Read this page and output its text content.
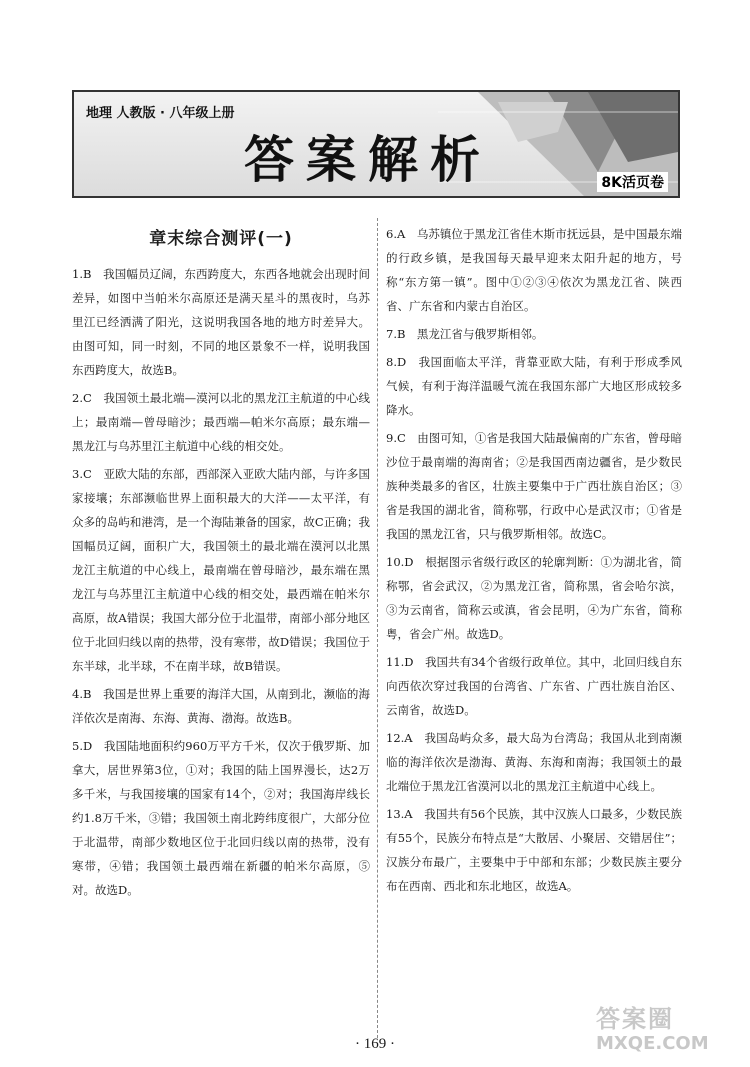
地理 人教版 · 八年级上册
答案解析	8K活页卷
章末综合测评(一)
1.B　我国幅员辽阔，东西跨度大，东西各地就会出现时间差异，如图中当帕米尔高原还是满天星斗的黑夜时，乌苏里江已经洒满了阳光，这说明我国各地的地方时差异大。由图可知，同一时刻，不同的地区景象不一样，说明我国东西跨度大，故选B。
2.C　我国领土最北端—漠河以北的黑龙江主航道的中心线上；最南端—曾母暗沙；最西端—帕米尔高原；最东端—黑龙江与乌苏里江主航道中心线的相交处。
3.C　亚欧大陆的东部，西部深入亚欧大陆内部，与许多国家接壤；东部濒临世界上面积最大的大洋——太平洋，有众多的岛屿和港湾，是一个海陆兼备的国家，故C正确；我国幅员辽阔，面积广大，我国领土的最北端在漠河以北黑龙江主航道的中心线上，最南端在曾母暗沙，最东端在黑龙江与乌苏里江主航道中心线的相交处，最西端在帕米尔高原，故A错误；我国大部分位于北温带，南部小部分地区位于北回归线以南的热带，没有寒带，故D错误；我国位于东半球，北半球，不在南半球，故B错误。
4.B　我国是世界上重要的海洋大国，从南到北，濒临的海洋依次是南海、东海、黄海、渤海。故选B。
5.D　我国陆地面积约960万平方千米，仅次于俄罗斯、加拿大，居世界第3位，①对；我国的陆上国界漫长，达2万多千米，与我国接壤的国家有14个，②对；我国海岸线长约1.8万千米，③错；我国领土南北跨纬度很广，大部分位于北温带，南部少数地区位于北回归线以南的热带，没有寒带，④错；我国领土最西端在新疆的帕米尔高原，⑤对。故选D。
6.A　乌苏镇位于黑龙江省佳木斯市抚远县，是中国最东端的行政乡镇，是我国每天最早迎来太阳升起的地方，号称“东方第一镇”。图中①②③④依次为黑龙江省、陕西省、广东省和内蒙古自治区。
7.B　黑龙江省与俄罗斯相邻。
8.D　我国面临太平洋，背靠亚欧大陆，有利于形成季风气候，有利于海洋温暖气流在我国东部广大地区形成较多降水。
9.C　由图可知，①省是我国大陆最偏南的广东省，曾母暗沙位于最南端的海南省；②是我国西南边疆省，是少数民族种类最多的省区，壮族主要集中于广西壮族自治区；③省是我国的湖北省，简称鄂，行政中心是武汉市；①省是我国的黑龙江省，只与俄罗斯相邻。故选C。
10.D　根据图示省级行政区的轮廓判断：①为湖北省，简称鄂，省会武汉，②为黑龙江省，简称黑，省会哈尔滨，③为云南省，简称云或滇，省会昆明，④为广东省，简称粤，省会广州。故选D。
11.D　我国共有34个省级行政单位。其中，北回归线自东向西依次穿过我国的台湾省、广东省、广西壮族自治区、云南省，故选D。
12.A　我国岛屿众多，最大岛为台湾岛；我国从北到南濒临的海洋依次是渤海、黄海、东海和南海；我国领土的最北端位于黑龙江省漠河以北的黑龙江主航道中心线上。
13.A　我国共有56个民族，其中汉族人口最多，少数民族有55个，民族分布特点是“大散居、小聚居、交错居住”；汉族分布最广，主要集中于中部和东部；少数民族主要分布在西南、西北和东北地区，故选A。
· 169 ·
答案圈
MXQE.COM
